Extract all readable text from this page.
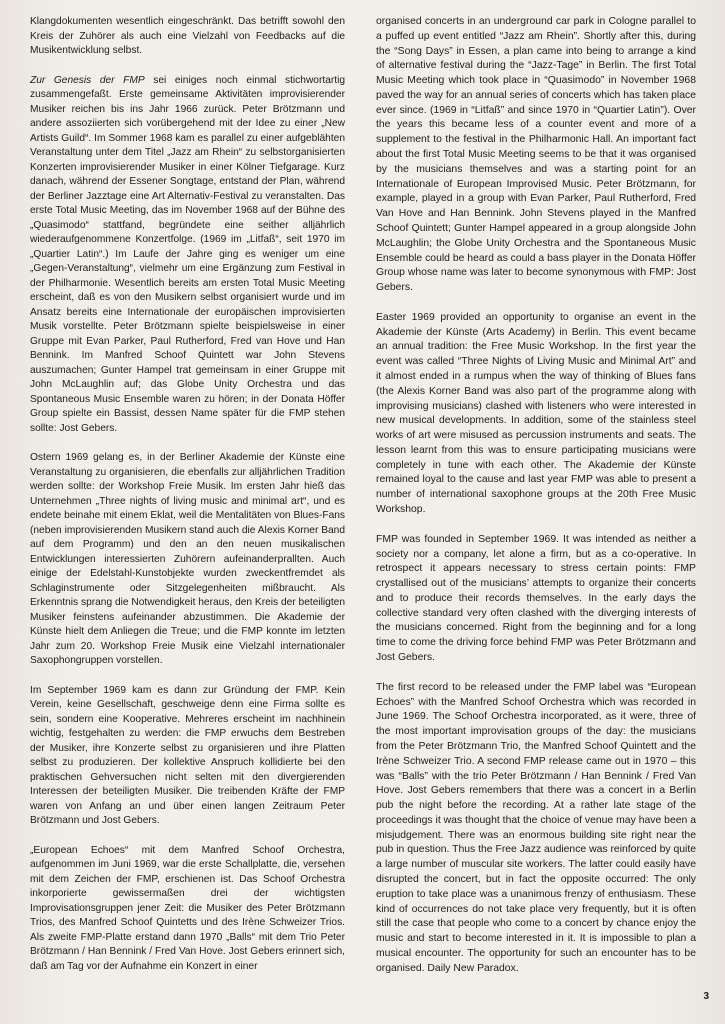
Klangdokumenten wesentlich eingeschränkt. Das betrifft sowohl den Kreis der Zuhörer als auch eine Vielzahl von Feedbacks auf die Musikentwicklung selbst.

Zur Genesis der FMP sei einiges noch einmal stichwortartig zusammengefaßt. Erste gemeinsame Aktivitäten improvisierender Musiker reichen bis ins Jahr 1966 zurück. Peter Brötzmann und andere assoziierten sich vorübergehend mit der Idee zu einer „New Artists Guild“. Im Sommer 1968 kam es parallel zu einer aufgeblähten Veranstaltung unter dem Titel „Jazz am Rhein“ zu selbstorganisierten Konzerten improvisierender Musiker in einer Kölner Tiefgarage. Kurz danach, während der Essener Songtage, entstand der Plan, während der Berliner Jazztage eine Art Alternativ-Festival zu veranstalten. Das erste Total Music Meeting, das im November 1968 auf der Bühne des „Quasimodo“ stattfand, begründete eine seither alljährlich wiederaufgenommene Konzertfolge. (1969 im „Litfaß“, seit 1970 im „Quartier Latin“.) Im Laufe der Jahre ging es weniger um eine „Gegen-Veranstaltung“, vielmehr um eine Ergänzung zum Festival in der Philharmonie. Wesentlich bereits am ersten Total Music Meeting erscheint, daß es von den Musikern selbst organisiert wurde und im Ansatz bereits eine Internationale der europäischen improvisierten Musik vorstellte. Peter Brötzmann spielte beispielsweise in einer Gruppe mit Evan Parker, Paul Rutherford, Fred van Hove und Han Bennink. Im Manfred Schoof Quintett war John Stevens auszumachen; Gunter Hampel trat gemeinsam in einer Gruppe mit John McLaughlin auf; das Globe Unity Orchestra und das Spontaneous Music Ensemble waren zu hören; in der Donata Höffer Group spielte ein Bassist, dessen Name später für die FMP stehen sollte: Jost Gebers.

Ostern 1969 gelang es, in der Berliner Akademie der Künste eine Veranstaltung zu organisieren, die ebenfalls zur alljährlichen Tradition werden sollte: der Workshop Freie Musik. Im ersten Jahr hieß das Unternehmen „Three nights of living music and minimal art“, und es endete beinahe mit einem Eklat, weil die Mentalitäten von Blues-Fans (neben improvisierenden Musikern stand auch die Alexis Korner Band auf dem Programm) und den an den neuen musikalischen Entwicklungen interessierten Zuhörern aufeinanderprallten. Auch einige der Edelstahl-Kunstobjekte wurden zweckentfremdet als Schlaginstrumente oder Sitzgelegenheiten mißbraucht. Als Erkenntnis sprang die Notwendigkeit heraus, den Kreis der beteiligten Musiker feinstens aufeinander abzustimmen. Die Akademie der Künste hielt dem Anliegen die Treue; und die FMP konnte im letzten Jahr zum 20. Workshop Freie Musik eine Vielzahl internationaler Saxophongruppen vorstellen.

Im September 1969 kam es dann zur Gründung der FMP. Kein Verein, keine Gesellschaft, geschweige denn eine Firma sollte es sein, sondern eine Kooperative. Mehreres erscheint im nachhinein wichtig, festgehalten zu werden: die FMP erwuchs dem Bestreben der Musiker, ihre Konzerte selbst zu organisieren und ihre Platten selbst zu produzieren. Der kollektive Anspruch kollidierte bei den praktischen Gehversuchen nicht selten mit den divergierenden Interessen der beteiligten Musiker. Die treibenden Kräfte der FMP waren von Anfang an und über einen langen Zeitraum Peter Brötzmann und Jost Gebers.

„European Echoes“ mit dem Manfred Schoof Orchestra, aufgenommen im Juni 1969, war die erste Schallplatte, die, versehen mit dem Zeichen der FMP, erschienen ist. Das Schoof Orchestra inkorporierte gewissermaßen drei der wichtigsten Improvisationsgruppen jener Zeit: die Musiker des Peter Brötzmann Trios, des Manfred Schoof Quintetts und des Irène Schweizer Trios. Als zweite FMP-Platte erstand dann 1970 „Balls“ mit dem Trio Peter Brötzmann / Han Bennink / Fred Van Hove. Jost Gebers erinnert sich, daß am Tag vor der Aufnahme ein Konzert in einer

organised concerts in an underground car park in Cologne parallel to a puffed up event entitled “Jazz am Rhein”. Shortly after this, during the “Song Days” in Essen, a plan came into being to arrange a kind of alternative festival during the “Jazz-Tage” in Berlin. The first Total Music Meeting which took place in “Quasimodo” in November 1968 paved the way for an annual series of concerts which has taken place ever since. (1969 in “Litfaß” and since 1970 in “Quartier Latin”). Over the years this became less of a counter event and more of a supplement to the festival in the Philharmonic Hall. An important fact about the first Total Music Meeting seems to be that it was organised by the musicians themselves and was a starting point for an Internationale of European Improvised Music. Peter Brötzmann, for example, played in a group with Evan Parker, Paul Rutherford, Fred Van Hove and Han Bennink. John Stevens played in the Manfred Schoof Quintett; Gunter Hampel appeared in a group alongside John McLaughlin; the Globe Unity Orchestra and the Spontaneous Music Ensemble could be heard as could a bass player in the Donata Höffer Group whose name was later to become synonymous with FMP: Jost Gebers.

Easter 1969 provided an opportunity to organise an event in the Akademie der Künste (Arts Academy) in Berlin. This event became an annual tradition: the Free Music Workshop. In the first year the event was called “Three Nights of Living Music and Minimal Art” and it almost ended in a rumpus when the way of thinking of Blues fans (the Alexis Korner Band was also part of the programme along with improvising musicians) clashed with listeners who were interested in new musical developments. In addition, some of the stainless steel works of art were misused as percussion instruments and seats. The lesson learnt from this was to ensure participating musicians were completely in tune with each other. The Akademie der Künste remained loyal to the cause and last year FMP was able to present a number of international saxophone groups at the 20th Free Music Workshop.

FMP was founded in September 1969. It was intended as neither a society nor a company, let alone a firm, but as a co-operative. In retrospect it appears necessary to stress certain points: FMP crystallised out of the musicians’ attempts to organize their concerts and to produce their records themselves. In the early days the collective standard very often clashed with the diverging interests of the musicians concerned. Right from the beginning and for a long time to come the driving force behind FMP was Peter Brötzmann and Jost Gebers.

The first record to be released under the FMP label was “European Echoes” with the Manfred Schoof Orchestra which was recorded in June 1969. The Schoof Orchestra incorporated, as it were, three of the most important improvisation groups of the day: the musicians from the Peter Brötzmann Trio, the Manfred Schoof Quintett and the Irène Schweizer Trio. A second FMP release came out in 1970 – this was “Balls” with the trio Peter Brötzmann / Han Bennink / Fred Van Hove. Jost Gebers remembers that there was a concert in a Berlin pub the night before the recording. At a rather late stage of the proceedings it was thought that the choice of venue may have been a misjudgement. There was an enormous building site right near the pub in question. Thus the Free Jazz audience was reinforced by quite a large number of muscular site workers. The latter could easily have disrupted the concert, but in fact the opposite occurred: The only eruption to take place was a unanimous frenzy of enthusiasm. These kind of occurrences do not take place very frequently, but it is often still the case that people who come to a concert by chance enjoy the music and start to become interested in it. It is impossible to plan a musical encounter. The opportunity for such an encounter has to be organised. Daily New Paradox.

3
